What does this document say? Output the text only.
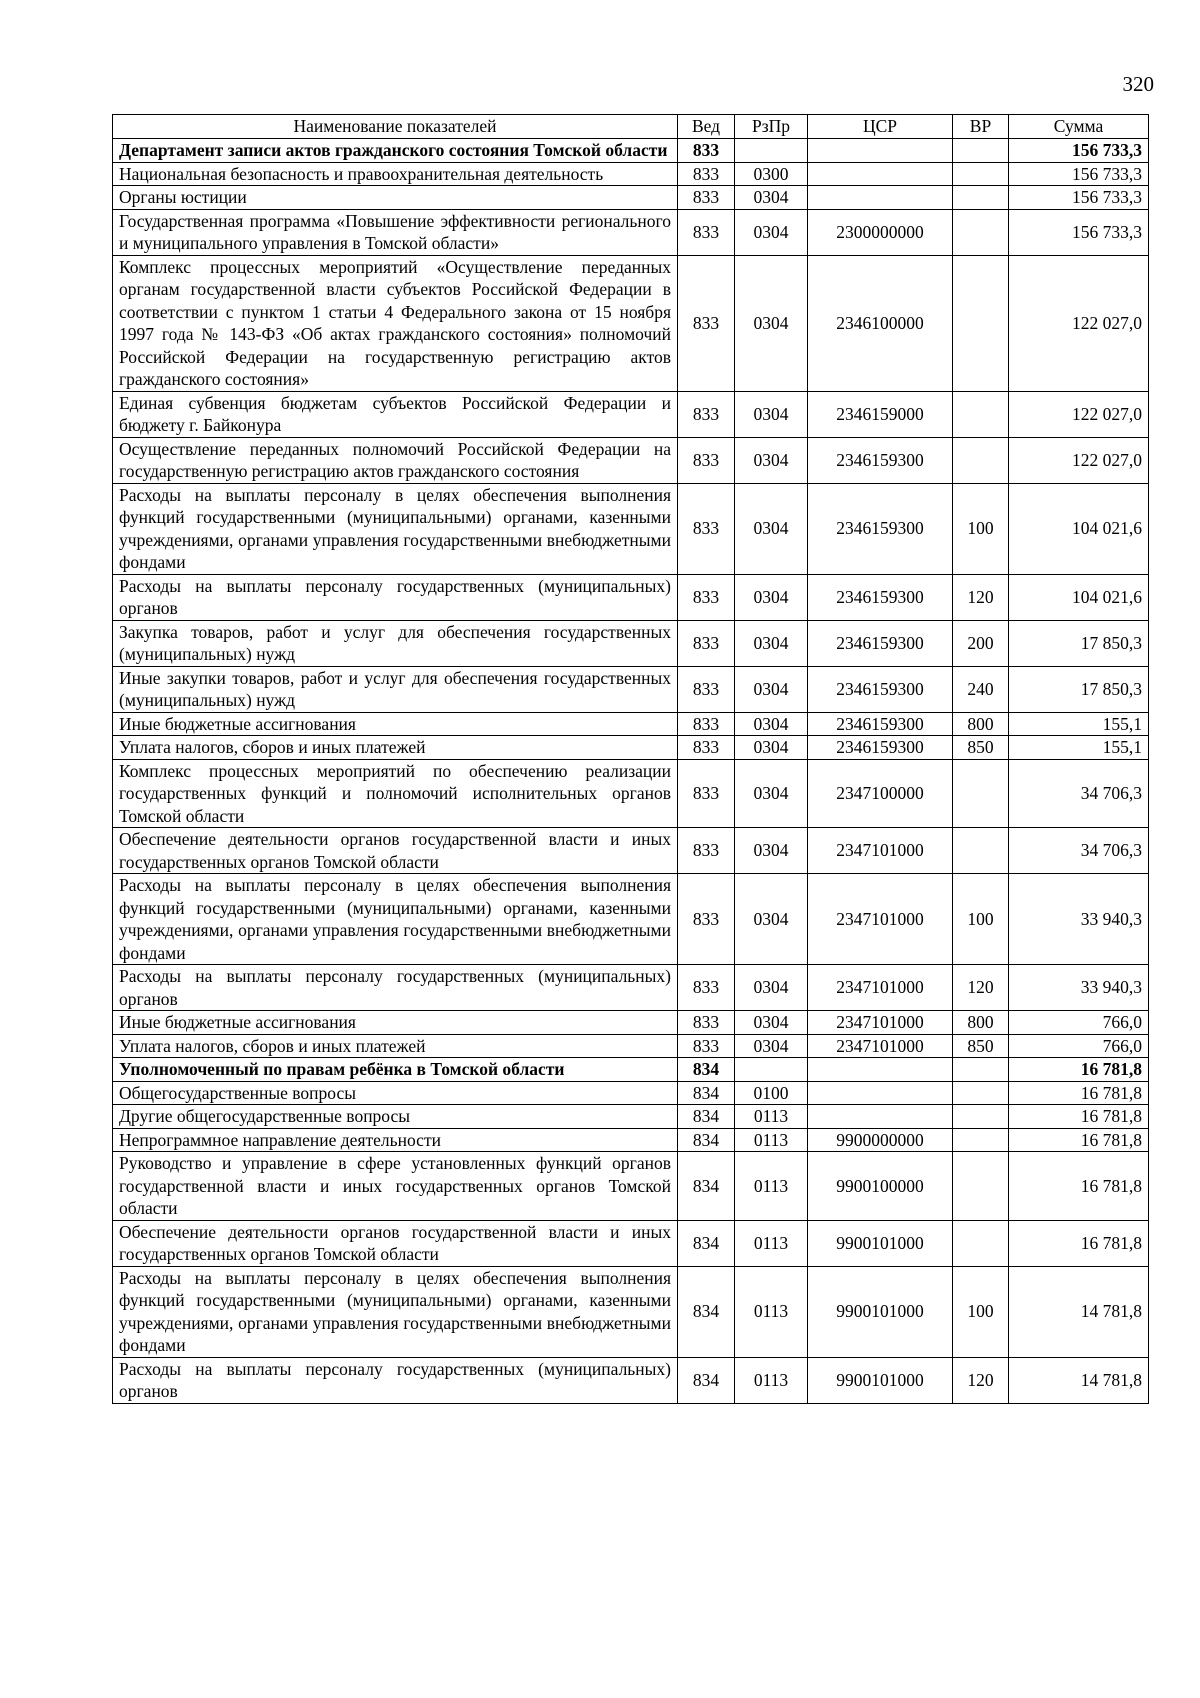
320
Наименование показателей	Вед	РзПр	ЦСР	ВР	Сумма
Департамент записи актов гражданского состояния Томской области	833				156 733,3
Национальная безопасность и правоохранительная деятельность	833	0300			156 733,3
Органы юстиции	833	0304			156 733,3
Государственная программа «Повышение эффективности регионального и муниципального управления в Томской области»	833	0304	2300000000		156 733,3
Комплекс процессных мероприятий «Осуществление переданных органам государственной власти субъектов Российской Федерации в соответствии с пунктом 1 статьи 4 Федерального закона от 15 ноября 1997 года № 143-ФЗ «Об актах гражданского состояния» полномочий Российской Федерации на государственную регистрацию актов гражданского состояния»	833	0304	2346100000		122 027,0
Единая субвенция бюджетам субъектов Российской Федерации и бюджету г. Байконура	833	0304	2346159000		122 027,0
Осуществление переданных полномочий Российской Федерации на государственную регистрацию актов гражданского состояния	833	0304	2346159300		122 027,0
Расходы на выплаты персоналу в целях обеспечения выполнения функций государственными (муниципальными) органами, казенными учреждениями, органами управления государственными внебюджетными фондами	833	0304	2346159300	100	104 021,6
Расходы на выплаты персоналу государственных (муниципальных) органов	833	0304	2346159300	120	104 021,6
Закупка товаров, работ и услуг для обеспечения государственных (муниципальных) нужд	833	0304	2346159300	200	17 850,3
Иные закупки товаров, работ и услуг для обеспечения государственных (муниципальных) нужд	833	0304	2346159300	240	17 850,3
Иные бюджетные ассигнования	833	0304	2346159300	800	155,1
Уплата налогов, сборов и иных платежей	833	0304	2346159300	850	155,1
Комплекс процессных мероприятий по обеспечению реализации государственных функций и полномочий исполнительных органов Томской области	833	0304	2347100000		34 706,3
Обеспечение деятельности органов государственной власти и иных государственных органов Томской области	833	0304	2347101000		34 706,3
Расходы на выплаты персоналу в целях обеспечения выполнения функций государственными (муниципальными) органами, казенными учреждениями, органами управления государственными внебюджетными фондами	833	0304	2347101000	100	33 940,3
Расходы на выплаты персоналу государственных (муниципальных) органов	833	0304	2347101000	120	33 940,3
Иные бюджетные ассигнования	833	0304	2347101000	800	766,0
Уплата налогов, сборов и иных платежей	833	0304	2347101000	850	766,0
Уполномоченный по правам ребёнка в Томской области	834				16 781,8
Общегосударственные вопросы	834	0100			16 781,8
Другие общегосударственные вопросы	834	0113			16 781,8
Непрограммное направление деятельности	834	0113	9900000000		16 781,8
Руководство и управление в сфере установленных функций органов государственной власти и иных государственных органов Томской области	834	0113	9900100000		16 781,8
Обеспечение деятельности органов государственной власти и иных государственных органов Томской области	834	0113	9900101000		16 781,8
Расходы на выплаты персоналу в целях обеспечения выполнения функций государственными (муниципальными) органами, казенными учреждениями, органами управления государственными внебюджетными фондами	834	0113	9900101000	100	14 781,8
Расходы на выплаты персоналу государственных (муниципальных) органов	834	0113	9900101000	120	14 781,8
